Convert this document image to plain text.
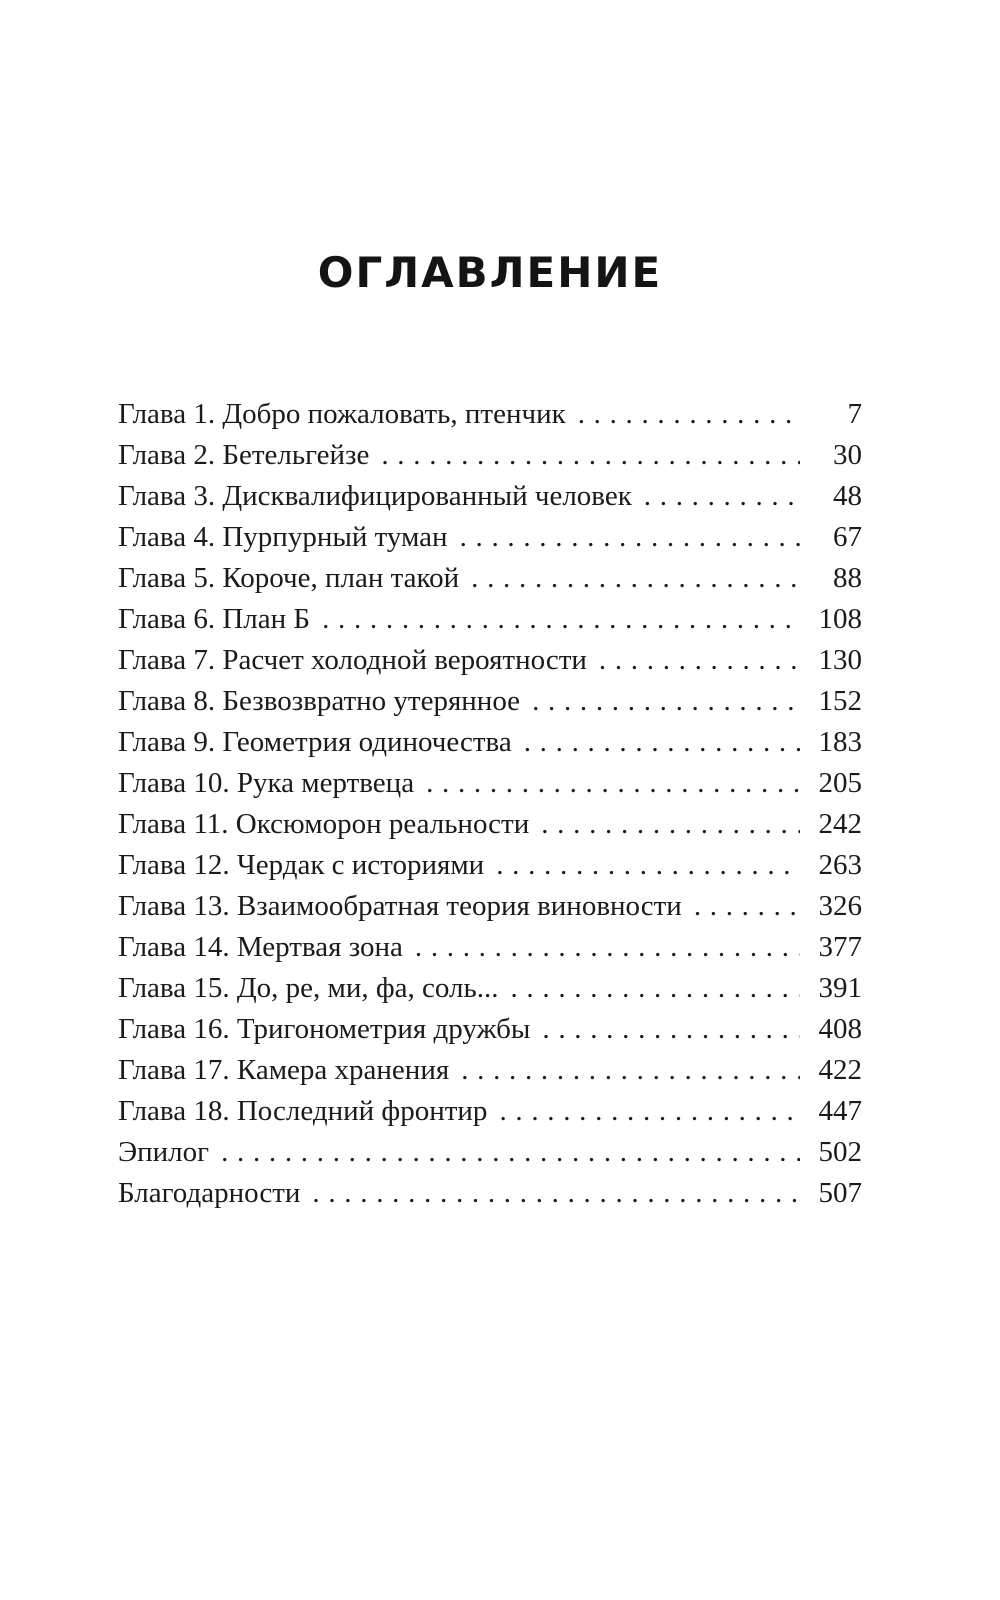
ОГЛАВЛЕНИЕ
Глава 1. Добро пожаловать, птенчик .....	7
Глава 2. Бетельгейзе .....	30
Глава 3. Дисквалифицированный человек .....	48
Глава 4. Пурпурный туман .....	67
Глава 5. Короче, план такой .....	88
Глава 6. План Б .....	108
Глава 7. Расчет холодной вероятности .....	130
Глава 8. Безвозвратно утерянное .....	152
Глава 9. Геометрия одиночества .....	183
Глава 10. Рука мертвеца .....	205
Глава 11. Оксюморон реальности .....	242
Глава 12. Чердак с историями .....	263
Глава 13. Взаимообратная теория виновности .....	326
Глава 14. Мертвая зона .....	377
Глава 15. До, ре, ми, фа, соль... .....	391
Глава 16. Тригонометрия дружбы .....	408
Глава 17. Камера хранения .....	422
Глава 18. Последний фронтир .....	447
Эпилог .....	502
Благодарности .....	507
